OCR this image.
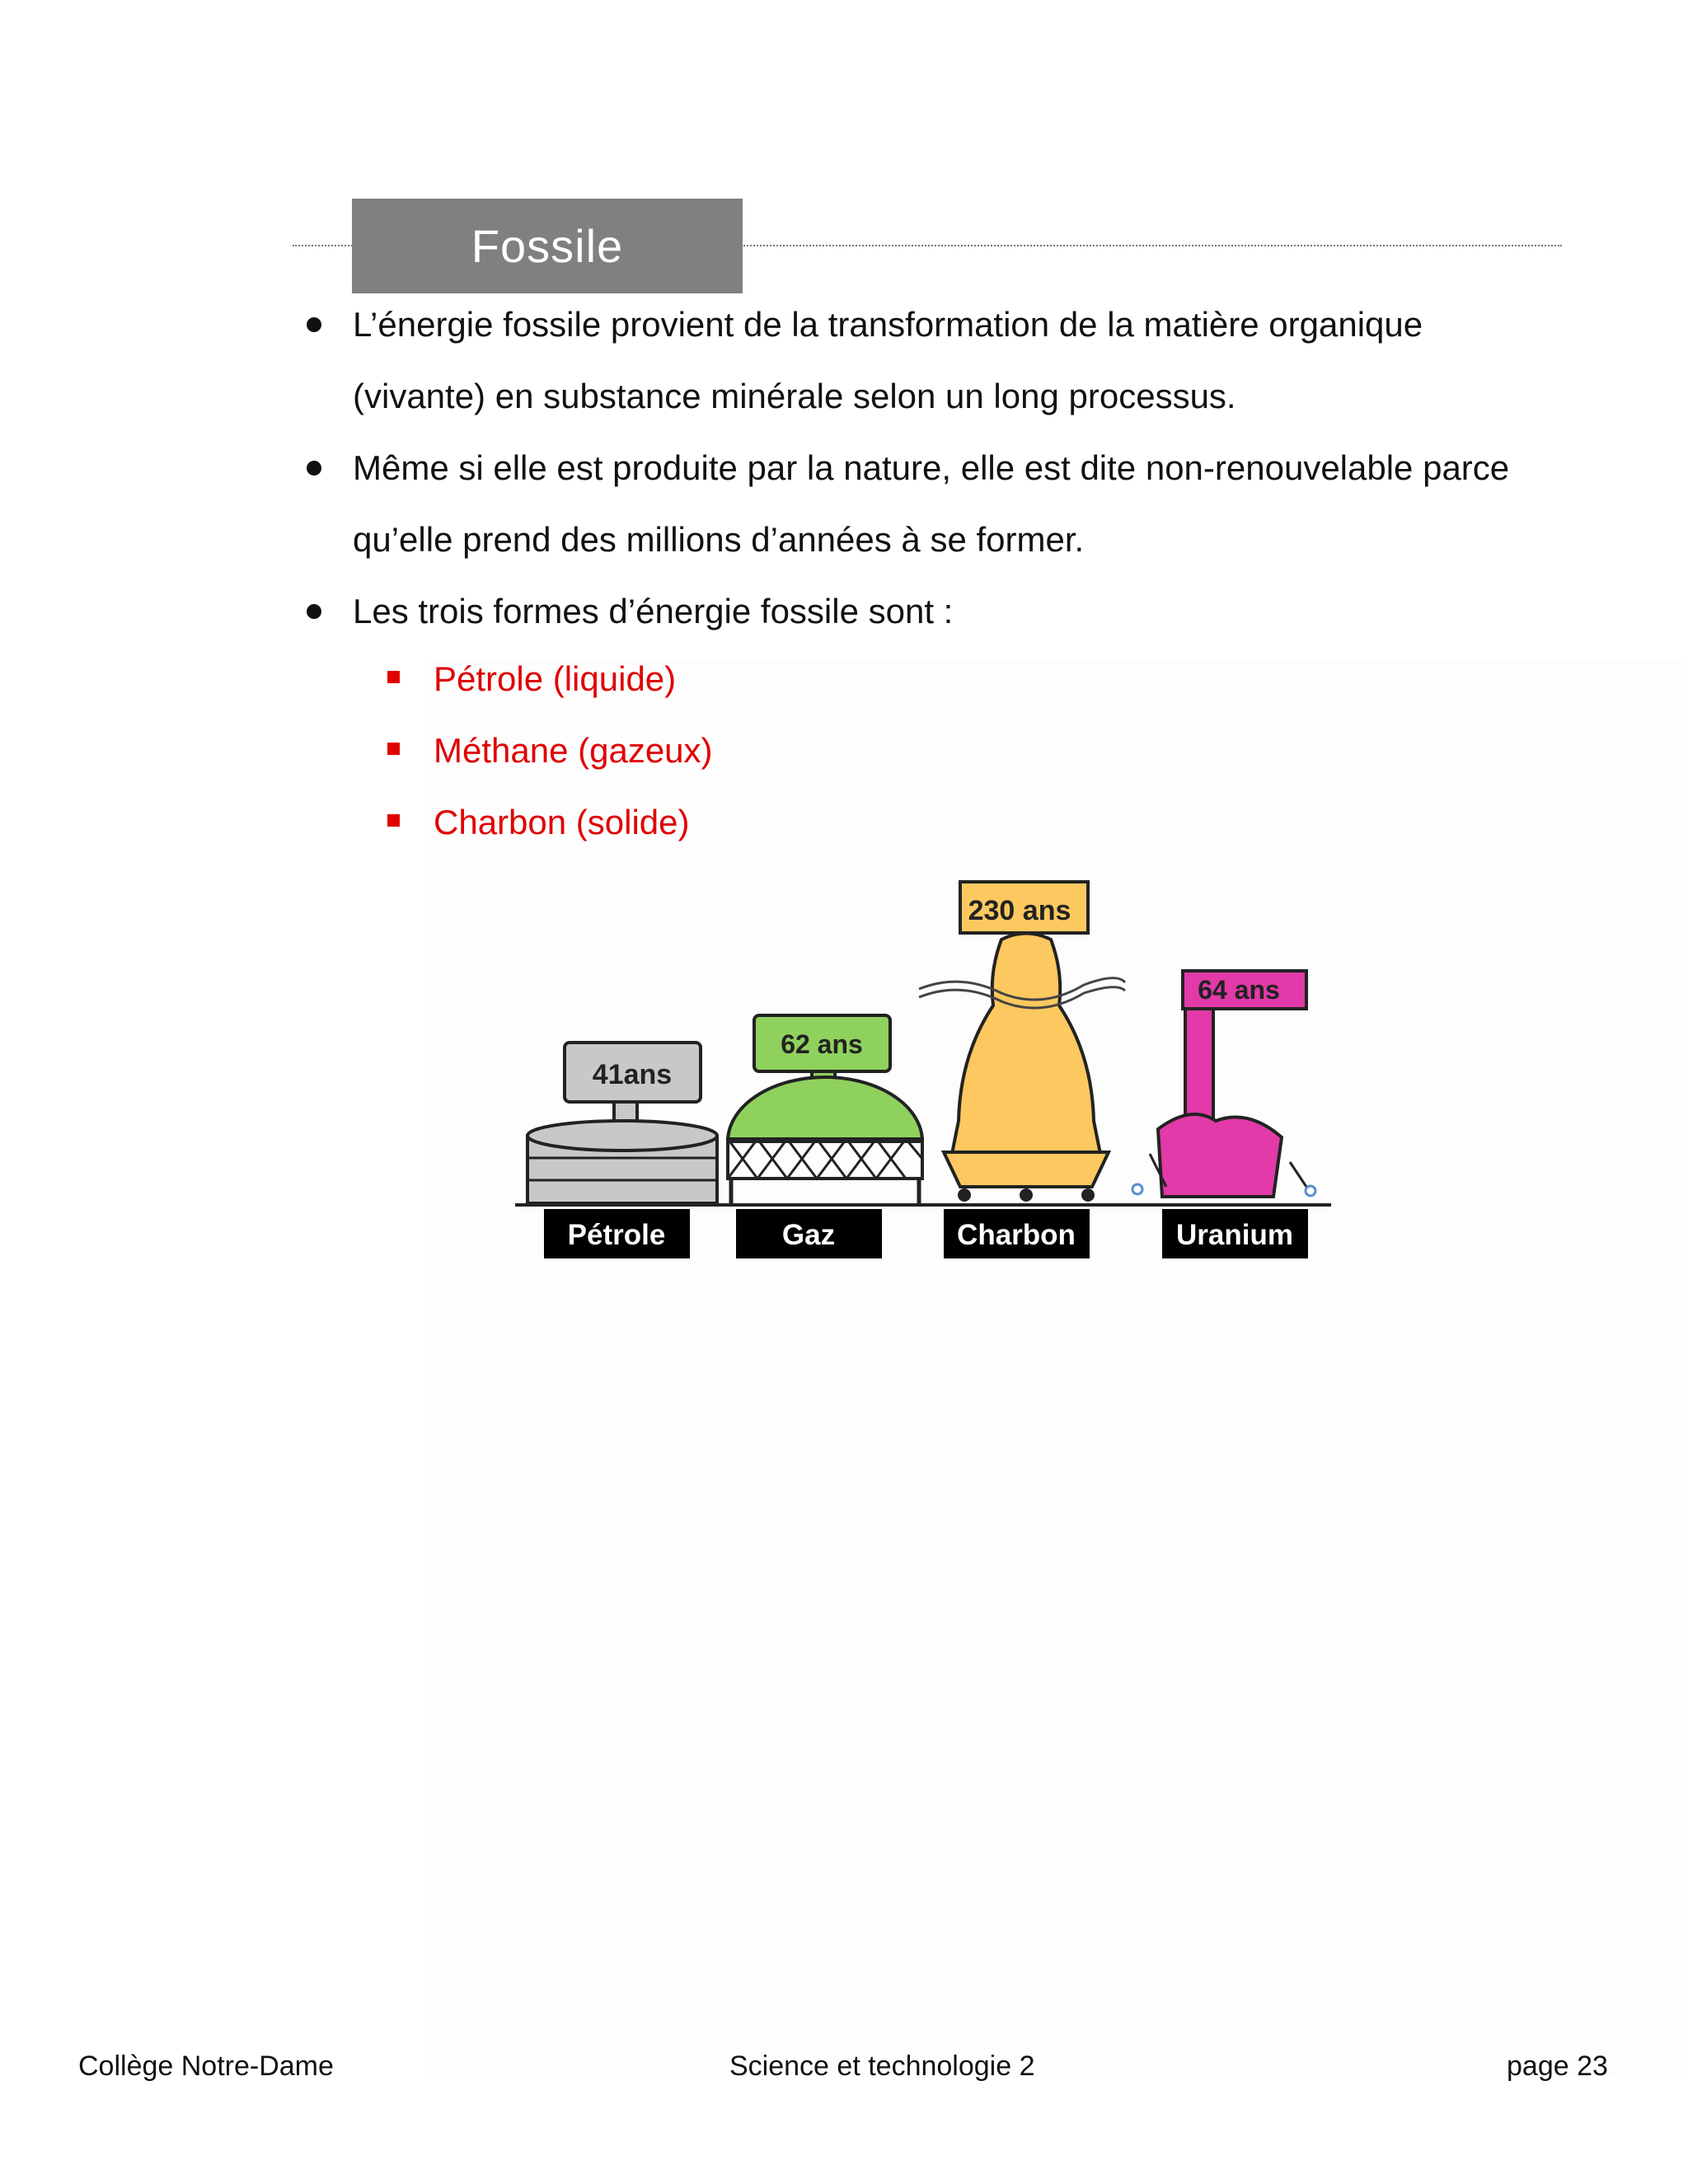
Fossile
L’énergie fossile provient de la transformation de la matière organique
(vivante) en substance minérale selon un long processus.
Même si elle est produite par la nature, elle est dite non-renouvelable parce
qu’elle prend des millions d’années à se former.
Les trois formes d’énergie fossile sont :
41ans
62 ans
230 ans
64 ans
Pétrole	Gaz	Charbon	Uranium
Pétrole (liquide)
Méthane (gazeux)
Charbon (solide)
Collège Notre-Dame	Science et technologie 2	page 23
